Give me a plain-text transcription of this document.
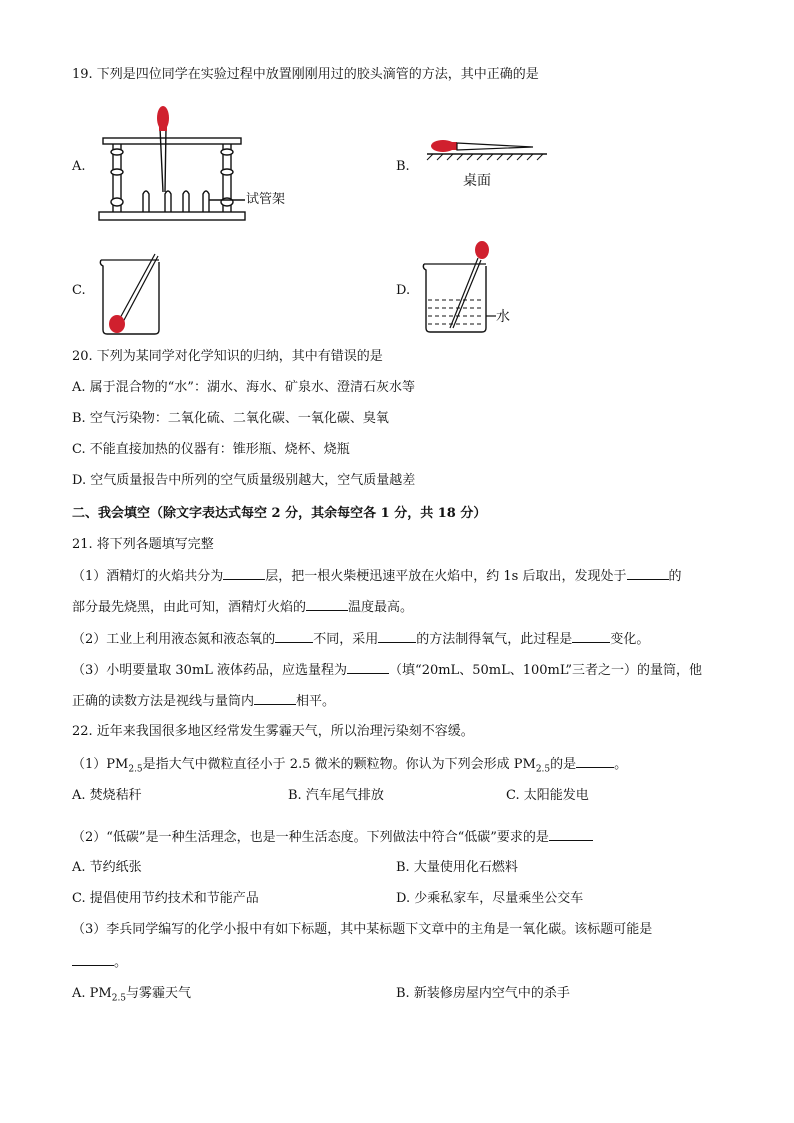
19. 下列是四位同学在实验过程中放置刚刚用过的胶头滴管的方法，其中正确的是
A.	B.
C.	D.
试管架
桌面
水
20. 下列为某同学对化学知识的归纳，其中有错误的是
A. 属于混合物的“水”：湖水、海水、矿泉水、澄清石灰水等
B. 空气污染物：二氧化硫、二氧化碳、一氧化碳、臭氧
C. 不能直接加热的仪器有：锥形瓶、烧杯、烧瓶
D. 空气质量报告中所列的空气质量级别越大，空气质量越差
二、我会填空（除文字表达式每空 2 分，其余每空各 1 分，共 18 分）
21. 将下列各题填写完整
（1）酒精灯的火焰共分为	层，把一根火柴梗迅速平放在火焰中，约 1s 后取出，发现处于	的
部分最先烧黑，由此可知，酒精灯火焰的	温度最高。
（2）工业上利用液态氮和液态氧的	不同，采用	的方法制得氧气，此过程是	变化。
（3）小明要量取 30mL 液体药品，应选量程为	（填“20mL、50mL、100mL”三者之一）的量筒，他
正确的读数方法是视线与量筒内	相平。
22. 近年来我国很多地区经常发生雾霾天气，所以治理污染刻不容缓。
$(1)PM_{2.5}$是指大气中微粒直径小于 2.5 微米的颗粒物。你认为下列会形成 $PM_{2.5}$的是	。
A. 焚烧秸秆	B. 汽车尾气排放	C. 太阳能发电
（2）“低碳”是一种生活理念，也是一种生活态度。下列做法中符合“低碳”要求的是
A. 节约纸张	B. 大量使用化石燃料
C. 提倡使用节约技术和节能产品	D. 少乘私家车，尽量乘坐公交车
（3）李兵同学编写的化学小报中有如下标题，其中某标题下文章中的主角是一氧化碳。该标题可能是
。
A. $PM_{2.5}$与雾霾天气	B. 新装修房屋内空气中的杀手
